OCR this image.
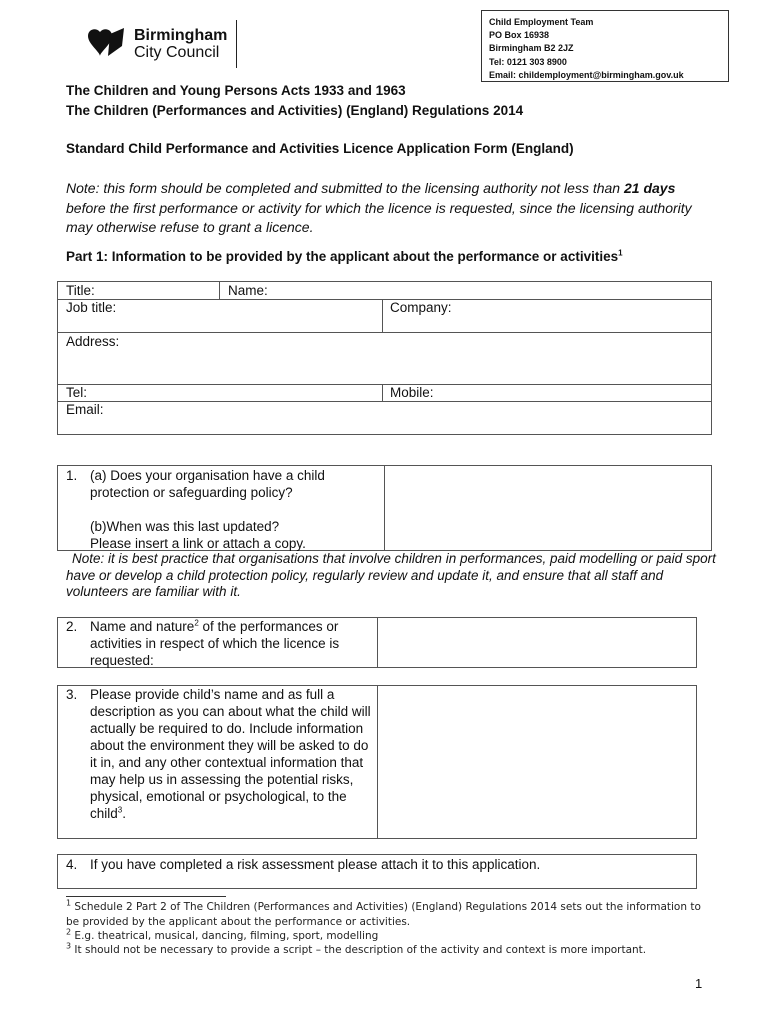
Birmingham
City Council
Child Employment Team
PO Box 16938
Birmingham B2 2JZ
Tel: 0121 303 8900
Email: childemployment@birmingham.gov.uk
The Children and Young Persons Acts 1933 and 1963
The Children (Performances and Activities) (England) Regulations 2014
Standard Child Performance and Activities Licence Application Form (England)
Note: this form should be completed and submitted to the licensing authority not less than 21 days before the first performance or activity for which the licence is requested, since the licensing authority may otherwise refuse to grant a licence.
Part 1: Information to be provided by the applicant about the performance or activities$^1$
Title:	Name:
Job title:	Company:
Address:
Tel:	Mobile:
Email:
1. (a) Does your organisation have a child protection or safeguarding policy?
(b)When was this last updated?
Please insert a link or attach a copy.
Note: it is best practice that organisations that involve children in performances, paid modelling or paid sport have or develop a child protection policy, regularly review and update it, and ensure that all staff and volunteers are familiar with it.
2. Name and nature$^2$ of the performances or activities in respect of which the licence is requested:
3. Please provide child’s name and as full a description as you can about what the child will actually be required to do. Include information about the environment they will be asked to do it in, and any other contextual information that may help us in assessing the potential risks, physical, emotional or psychological, to the child$^3$.
4. If you have completed a risk assessment please attach it to this application.
$^1$ Schedule 2 Part 2 of The Children (Performances and Activities) (England) Regulations 2014 sets out the information to be provided by the applicant about the performance or activities.
$^2$ E.g. theatrical, musical, dancing, filming, sport, modelling
$^3$ It should not be necessary to provide a script – the description of the activity and context is more important.
1
